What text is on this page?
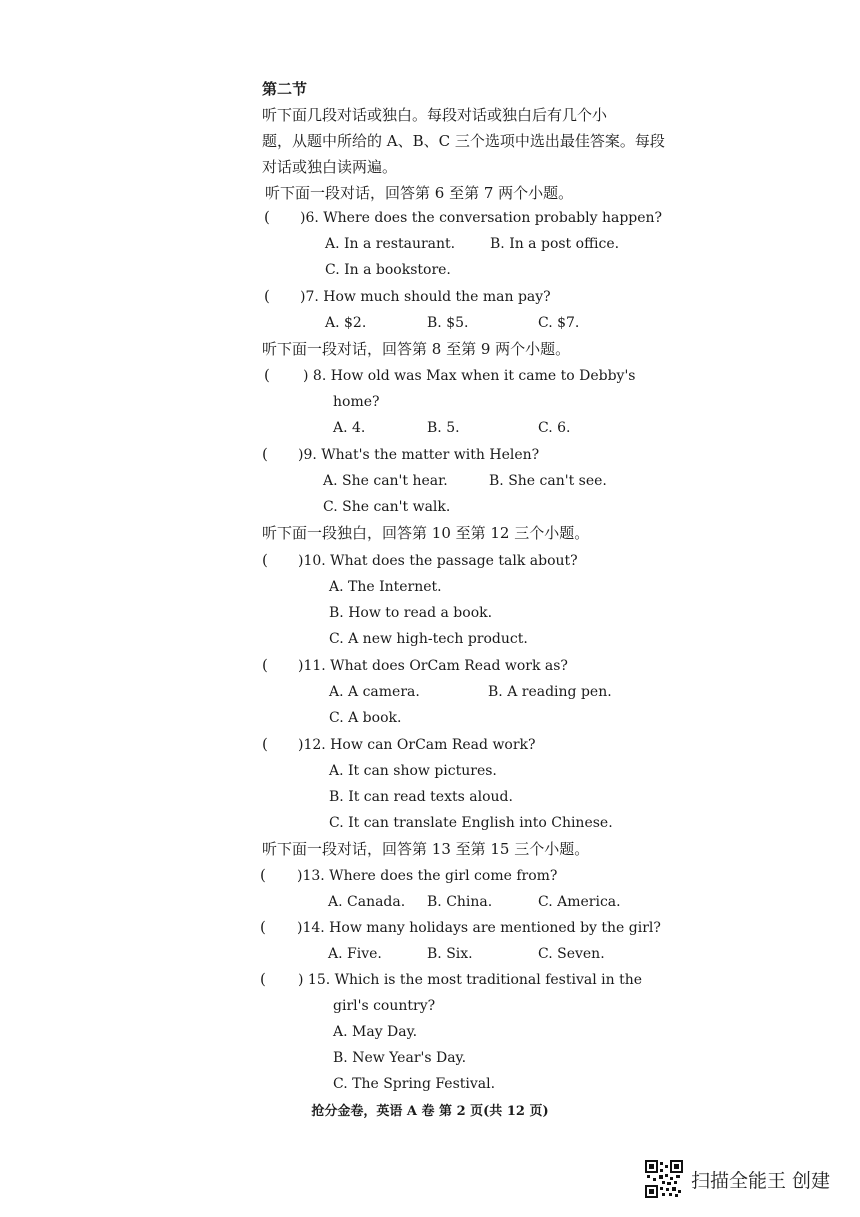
第二节
听下面几段对话或独白。每段对话或独白后有几个小
题，从题中所给的 A、B、C 三个选项中选出最佳答案。每段
对话或独白读两遍。
听下面一段对话，回答第 6 至第 7 两个小题。
( )6. Where does the conversation probably happen?
A. In a restaurant. B. In a post office.
C. In a bookstore.
( )7. How much should the man pay?
A. $2.	B. $5.	C. $7.
听下面一段对话，回答第 8 至第 9 两个小题。
( ) 8. How old was Max when it came to Debby's
home?
A. 4.	B. 5.	C. 6.
( )9. What's the matter with Helen?
A. She can't hear.	B. She can't see.
C. She can't walk.
听下面一段独白，回答第 10 至第 12 三个小题。
( )10. What does the passage talk about?
A. The Internet.
B. How to read a book.
C. A new high-tech product.
( )11. What does OrCam Read work as?
A. A camera.	B. A reading pen.
C. A book.
( )12. How can OrCam Read work?
A. It can show pictures.
B. It can read texts aloud.
C. It can translate English into Chinese.
听下面一段对话，回答第 13 至第 15 三个小题。
( )13. Where does the girl come from?
A. Canada. B. China.	C. America.
( )14. How many holidays are mentioned by the girl?
A. Five.	B. Six.	C. Seven.
( ) 15. Which is the most traditional festival in the
girl's country?
A. May Day.
B. New Year's Day.
C. The Spring Festival.
抢分金卷，英语 A 卷 第 2 页(共 12 页)
扫描全能王 创建
